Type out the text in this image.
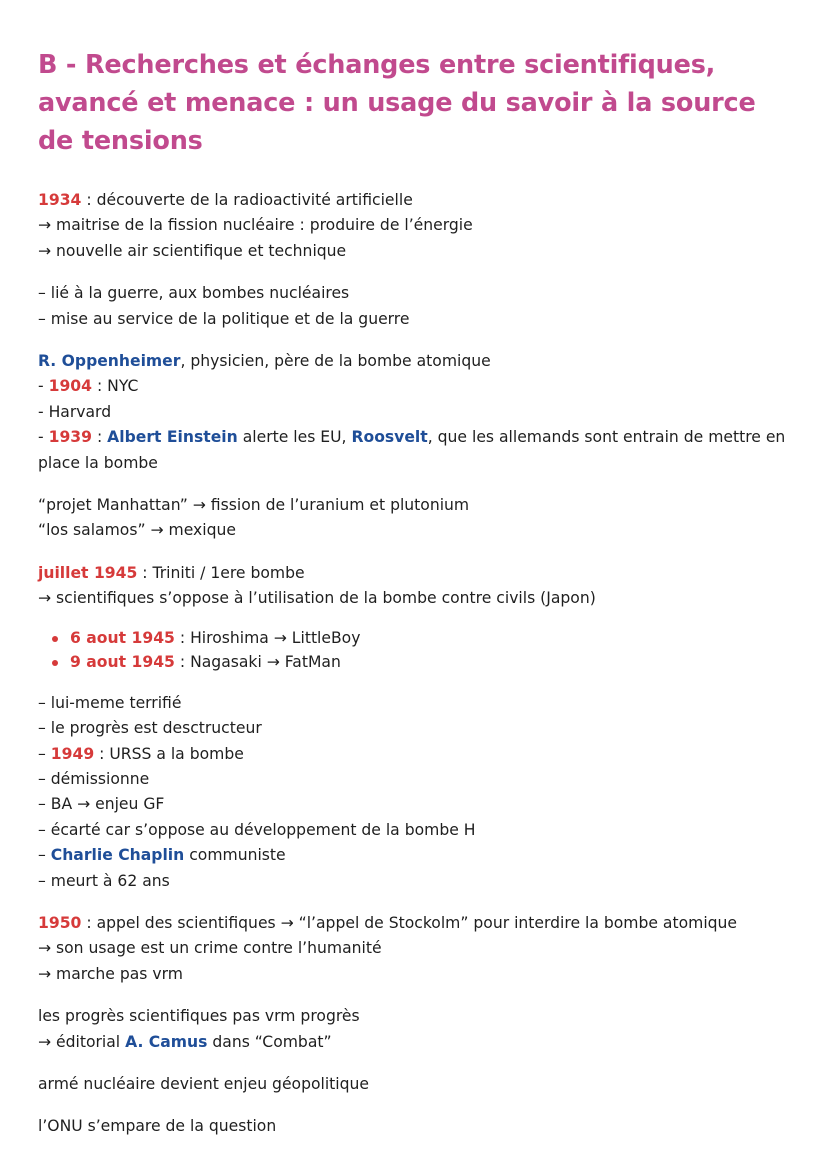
B - Recherches et échanges entre scientifiques, avancé et menace : un usage du savoir à la source de tensions
1934 : découverte de la radioactivité artificielle
→ maitrise de la fission nucléaire : produire de l’énergie
→ nouvelle air scientifique et technique
– lié à la guerre, aux bombes nucléaires
– mise au service de la politique et de la guerre
R. Oppenheimer, physicien, père de la bombe atomique
- 1904 : NYC
- Harvard
- 1939 : Albert Einstein alerte les EU, Roosvelt, que les allemands sont entrain de mettre en place la bombe
“projet Manhattan” → fission de l’uranium et plutonium
“los salamos” → mexique
juillet 1945 : Triniti / 1ere bombe
→ scientifiques s’oppose à l’utilisation de la bombe contre civils (Japon)
6 aout 1945 : Hiroshima → LittleBoy
9 aout 1945 : Nagasaki → FatMan
– lui-meme terrifié
– le progrès est desctructeur
– 1949 : URSS a la bombe
– démissionne
– BA → enjeu GF
– écarté car s’oppose au développement de la bombe H
– Charlie Chaplin communiste
– meurt à 62 ans
1950 : appel des scientifiques → “l’appel de Stockolm” pour interdire la bombe atomique
→ son usage est un crime contre l’humanité
→ marche pas vrm
les progrès scientifiques pas vrm progrès
→ éditorial A. Camus dans “Combat”
armé nucléaire devient enjeu géopolitique
l’ONU s’empare de la question
